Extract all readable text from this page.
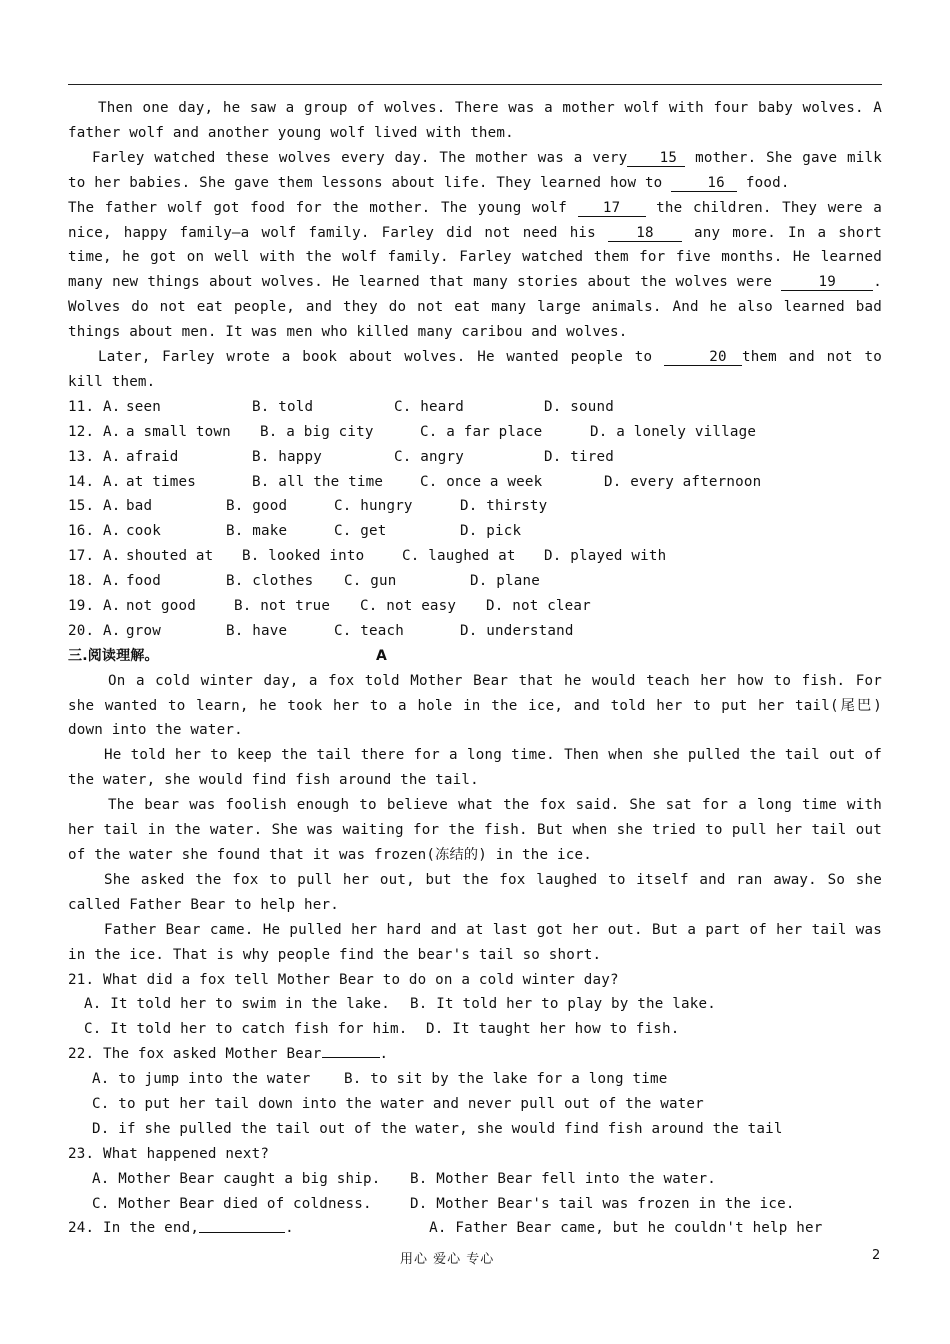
Then one day, he saw a group of wolves. There was a mother wolf with four baby wolves. A father wolf and another young wolf lived with them.

Farley watched these wolves every day. The mother was a very 15 mother. She gave milk to her babies. She gave them lessons about life. They learned how to	16 food.

The father wolf got food for the mother. The young wolf 17 the children. They were a nice, happy family—a wolf family. Farley did not need his 18 any more. In a short time, he got on well with the wolf family. Farley watched them for five months. He learned many new things about wolves. He learned that many stories about the wolves were	19	. Wolves do not eat people, and they do not eat many large animals. And he also learned bad things about men. It was men who killed many caribou and wolves.

Later, Farley wrote a book about wolves. He wanted people to	20 them and not to kill them.

11. A. seen	B. told	C. heard	D. sound
12. A. a small town	B. a big city	C. a far place	D. a lonely village
13. A. afraid	B. happy	C. angry	D. tired
14. A. at times	B. all the time	C. once a week	D. every afternoon
15. A. bad	B. good	C. hungry	D. thirsty
16. A. cook	B. make	C. get	D. pick
17. A. shouted at	B. looked into	C. laughed at	D. played with
18. A. food	B. clothes	C. gun	D. plane
19. A. not good	B. not true	C. not easy	D. not clear
20. A. grow	B. have	C. teach	D. understand
三.阅读理解。	A

On a cold winter day, a fox told Mother Bear that he would teach her how to fish. For she wanted to learn, he took her to a hole in the ice, and told her to put her tail(尾巴) down into the water.

He told her to keep the tail there for a long time. Then when she pulled the tail out of the water, she would find fish around the tail.

The bear was foolish enough to believe what the fox said. She sat for a long time with her tail in the water. She was waiting for the fish. But when she tried to pull her tail out of the water she found that it was frozen(冻结的) in the ice.

She asked the fox to pull her out, but the fox laughed to itself and ran away. So she called Father Bear to help her.

Father Bear came. He pulled her hard and at last got her out. But a part of her tail was in the ice. That is why people find the bear's tail so short.

21. What did a fox tell Mother Bear to do on a cold winter day?
A. It told her to swim in the lake.	B. It told her to play by the lake.
C. It told her to catch fish for him.	D. It taught her how to fish.
22. The fox asked Mother Bear	.
A. to jump into the water	B. to sit by the lake for a long time
C. to put her tail down into the water and never pull out of the water
D. if she pulled the tail out of the water, she would find fish around the tail
23. What happened next?
A. Mother Bear caught a big ship.	B. Mother Bear fell into the water.
C. Mother Bear died of coldness.	D. Mother Bear's tail was frozen in the ice.
24. In the end,	.	A. Father Bear came, but he couldn't help her
用心 爱心 专心	2
